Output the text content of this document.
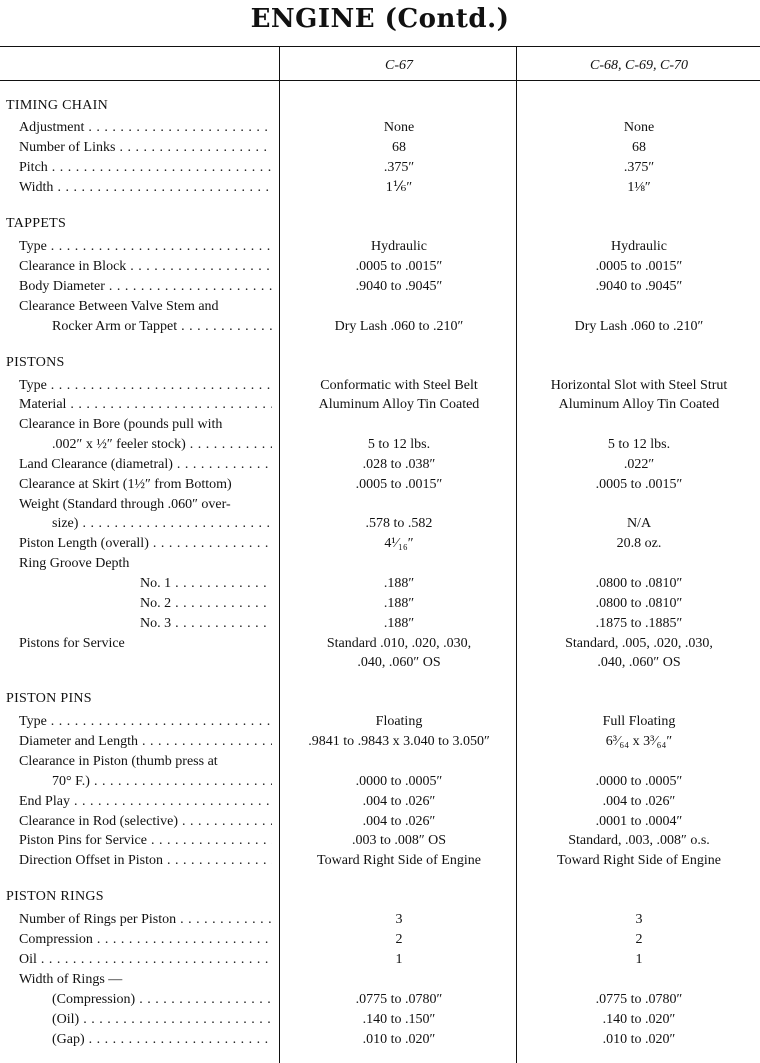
ENGINE (Contd.)
C-67	C-68, C-69, C-70
TIMING CHAIN
Adjustment . . .	None	None
Number of Links . . .	68	68
Pitch . . .	.375″	.375″
Width . . .	1⅙″	1⅛″
TAPPETS
Type . . .	Hydraulic	Hydraulic
Clearance in Block . . .	.0005 to .0015″	.0005 to .0015″
Body Diameter . . .	.9040 to .9045″	.9040 to .9045″
Clearance Between Valve Stem and
Rocker Arm or Tappet . . .	Dry Lash .060 to .210″	Dry Lash .060 to .210″
PISTONS
Type . . .	Conformatic with Steel Belt	Horizontal Slot with Steel Strut
Material . . .	Aluminum Alloy Tin Coated	Aluminum Alloy Tin Coated
Clearance in Bore (pounds pull with
.002″ x ½″ feeler stock) . . .	5 to 12 lbs.	5 to 12 lbs.
Land Clearance (diametral) . . .	.028 to .038″	.022″
Clearance at Skirt (1½″ from Bottom)	.0005 to .0015″	.0005 to .0015″
Weight (Standard through .060″ over-
size) . . .	.578 to .582	N/A
Piston Length (overall) . . .	4¹⁄₁₆″	20.8 oz.
Ring Groove Depth
No. 1 . . .	.188″	.0800 to .0810″
No. 2 . . .	.188″	.0800 to .0810″
No. 3 . . .	.188″	.1875 to .1885″
Pistons for Service	Standard .010, .020, .030,	Standard, .005, .020, .030,
.040, .060″ OS	.040, .060″ OS
PISTON PINS
Type . . .	Floating	Full Floating
Diameter and Length . . .	.9841 to .9843 x 3.040 to 3.050″	6³⁄₆₄ x 3³⁄₆₄″
Clearance in Piston (thumb press at
70° F.) . . .	.0000 to .0005″	.0000 to .0005″
End Play . . .	.004 to .026″	.004 to .026″
Clearance in Rod (selective) . . .	.004 to .026″	.0001 to .0004″
Piston Pins for Service . . .	.003 to .008″ OS	Standard, .003, .008″ o.s.
Direction Offset in Piston . . .	Toward Right Side of Engine	Toward Right Side of Engine
PISTON RINGS
Number of Rings per Piston . . .	3	3
Compression . . .	2	2
Oil . . .	1	1
Width of Rings —
(Compression) . . .	.0775 to .0780″	.0775 to .0780″
(Oil) . . .	.140 to .150″	.140 to .020″
(Gap) . . .	.010 to .020″	.010 to .020″
